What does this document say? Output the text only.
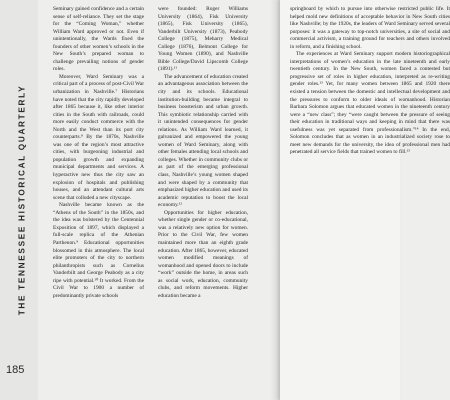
THE TENNESSEE HISTORICAL QUARTERLY
185

Seminary gained confidence and a certain sense of self-reliance. They set the stage for the “Coming Woman,” whether William Ward approved or not. Even if unintentionally, the Wards fixed the founders of other women’s schools in the New South’s prepared woman to challenge prevailing notions of gender roles.

Moreover, Ward Seminary was a critical part of a process of post-Civil War urbanization in Nashville.⁷ Historians have noted that the city rapidly developed after 1865 because it, like other interior cities in the South with railroads, could more easily conduct commerce with the North and the West than its port city counterparts.⁸ By the 1870s, Nashville was one of the region’s most attractive cities, with burgeoning industrial and population growth and expanding municipal departments and services. A hyperactive new thus the city saw an explosion of hospitals and publishing houses, and an attendant cultural arts scene that colluded a new cityscape.

Nashville became known as the “Athens of the South” in the 1850s, and the idea was bolstered by the Centennial Exposition of 1897, which displayed a full-scale replica of the Athenian Parthenon.⁹ Educational opportunities blossomed in this atmosphere. The local elite promoters of the city to northern philanthropists such as Cornelius Vanderbilt and George Peabody as a city ripe with potential.¹⁰ It worked. From the Civil War to 1900 a number of predominantly private schools

were founded: Roger Williams University (1864), Fisk University (1865), Fisk University (1865), Vanderbilt University (1873), Peabody College (1875), Meharry Medical College (1876), Belmont College for Young Women (1890), and Nashville Bible College/David Lipscomb College (1891).¹¹

The advancement of education created an advantageous association between the city and its schools. Educational institution-building became integral to business boosterism and urban growth. This symbiotic relationship carried with it unintended consequences for gender relations. As William Ward learned, it galvanized and empowered the young women of Ward Seminary, along with other females attending local schools and colleges. Whether in community clubs or as part of the emerging professional class, Nashville’s young women shaped and were shaped by a community that emphasized higher education and used its academic reputation to boost the local economy.¹²

Opportunities for higher education, whether single gender or co-educational, was a relatively new option for women. Prior to the Civil War, few women maintained more than an eighth grade education. After 1865, however, educated women modified meanings of womanhood and opened doors to include “work” outside the home, in areas such as social work, education, community clubs, and reform movements. Higher education became a

springboard by which to pursue into otherwise restricted public life. It helped mold new definitions of acceptable behavior in New South cities like Nashville; by the 1920s, the leaders of Ward Seminary served several purposes: it was a gateway to top-notch universities, a site of social and commercial activism, a training ground for teachers and others involved in reform, and a finishing school.

The experiences at Ward Seminary support modern historiographical interpretations of women’s education in the late nineteenth and early twentieth century. In the New South, women faced a contested but progressive set of roles in higher education, interpreted as re-writing gender roles.¹³ Yet, for many women between 1865 and 1920 there existed a tension between the domestic and intellectual development and the pressures to conform to older ideals of womanhood. Historian Barbara Solomon argues that educated women in the nineteenth century were a “new class”; they “were caught between the pressure of seeing their education in traditional ways and keeping in mind that there was usefulness was yet separated from professionalism.”¹⁴ In the end, Solomon concludes that as women in an industrialized society rose to meet new demands for the university, the idea of professional men had penetrated all service fields that trained women to fill.¹⁵
